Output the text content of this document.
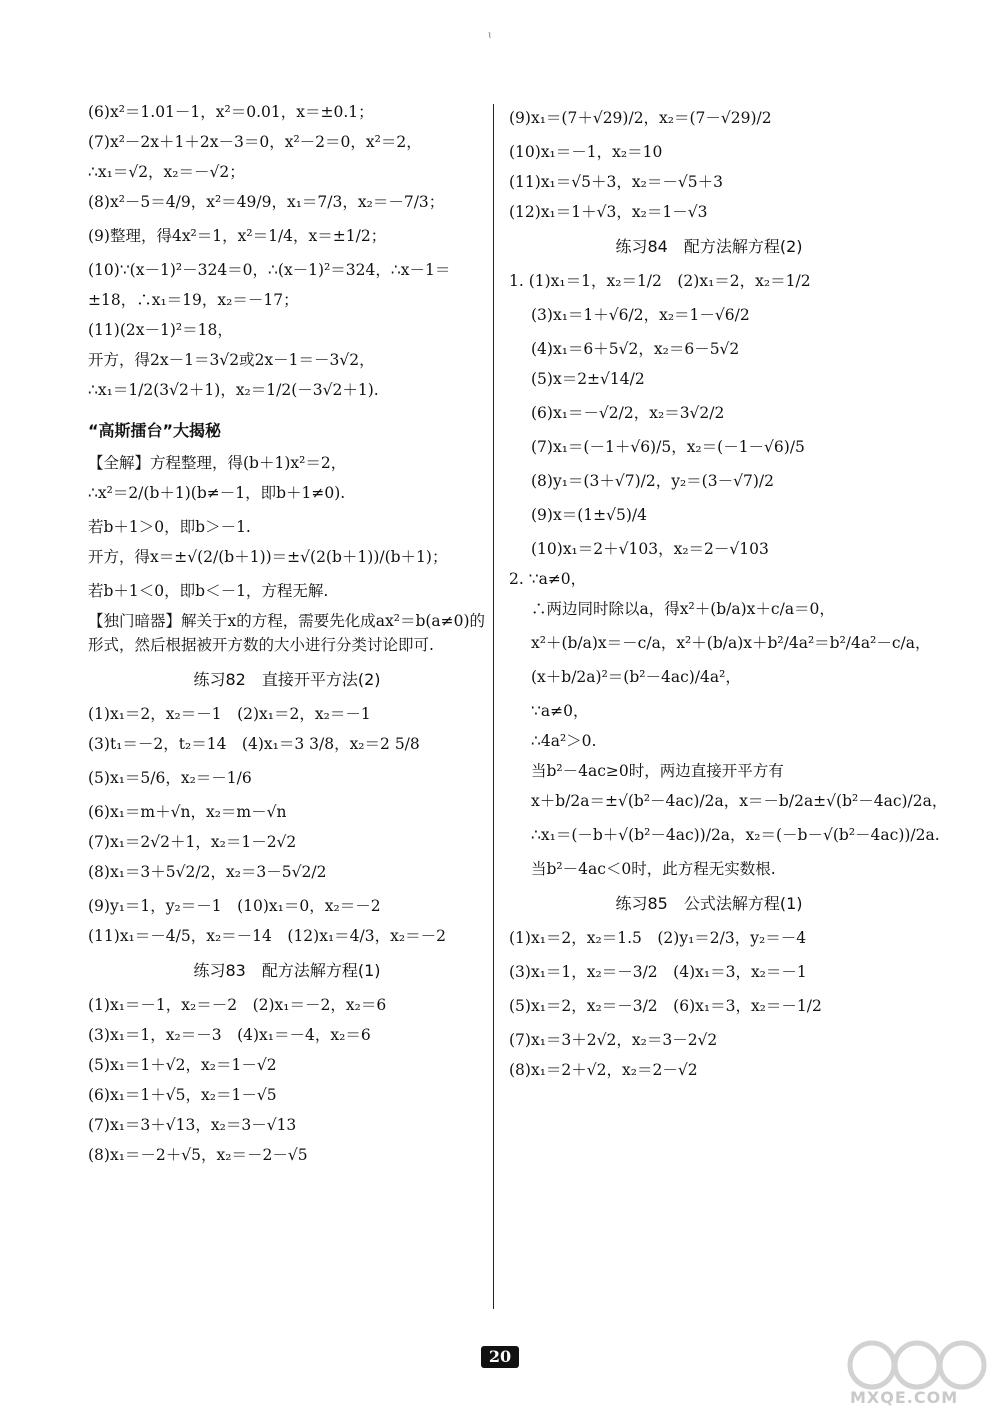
ɩ
(6)x²＝1.01－1，x²＝0.01，x＝±0.1；
(7)x²－2x＋1＋2x－3＝0，x²－2＝0，x²＝2，
∴x₁＝√2，x₂＝－√2；
(8)x²－5＝4/9，x²＝49/9，x₁＝7/3，x₂＝－7/3；
(9)整理，得4x²＝1，x²＝1/4，x＝±1/2；
(10)∵(x－1)²－324＝0，∴(x－1)²＝324，∴x－1＝
±18，∴x₁＝19，x₂＝－17；
(11)(2x－1)²＝18，
开方，得2x－1＝3√2或2x－1＝－3√2，
∴x₁＝1/2(3√2＋1)，x₂＝1/2(－3√2＋1).
“高斯擂台”大揭秘
【全解】方程整理，得(b＋1)x²＝2，
∴x²＝2/(b＋1)(b≠－1，即b＋1≠0).
若b＋1＞0，即b＞－1.
开方，得x＝±√(2/(b＋1))＝±√(2(b＋1))/(b＋1)；
若b＋1＜0，即b＜－1，方程无解.
【独门暗器】解关于x的方程，需要先化成ax²＝b(a≠0)的形式，然后根据被开方数的大小进行分类讨论即可.
练习82　直接开平方法(2)
(1)x₁＝2，x₂＝－1　(2)x₁＝2，x₂＝－1
(3)t₁＝－2，t₂＝14　(4)x₁＝3 3/8，x₂＝2 5/8
(5)x₁＝5/6，x₂＝－1/6
(6)x₁＝m＋√n，x₂＝m－√n
(7)x₁＝2√2＋1，x₂＝1－2√2
(8)x₁＝3＋5√2/2，x₂＝3－5√2/2
(9)y₁＝1，y₂＝－1　(10)x₁＝0，x₂＝－2
(11)x₁＝－4/5，x₂＝－14　(12)x₁＝4/3，x₂＝－2
练习83　配方法解方程(1)
(1)x₁＝－1，x₂＝－2　(2)x₁＝－2，x₂＝6
(3)x₁＝1，x₂＝－3　(4)x₁＝－4，x₂＝6
(5)x₁＝1＋√2，x₂＝1－√2
(6)x₁＝1＋√5，x₂＝1－√5
(7)x₁＝3＋√13，x₂＝3－√13
(8)x₁＝－2＋√5，x₂＝－2－√5
(9)x₁＝(7＋√29)/2，x₂＝(7－√29)/2
(10)x₁＝－1，x₂＝10
(11)x₁＝√5＋3，x₂＝－√5＋3
(12)x₁＝1＋√3，x₂＝1－√3
练习84　配方法解方程(2)
1. (1)x₁＝1，x₂＝1/2　(2)x₁＝2，x₂＝1/2
(3)x₁＝1＋√6/2，x₂＝1－√6/2
(4)x₁＝6＋5√2，x₂＝6－5√2
(5)x＝2±√14/2
(6)x₁＝－√2/2，x₂＝3√2/2
(7)x₁＝(－1＋√6)/5，x₂＝(－1－√6)/5
(8)y₁＝(3＋√7)/2，y₂＝(3－√7)/2
(9)x＝(1±√5)/4
(10)x₁＝2＋√103，x₂＝2－√103
2. ∵a≠0，
∴两边同时除以a，得x²＋(b/a)x＋c/a＝0，
x²＋(b/a)x＝－c/a，x²＋(b/a)x＋b²/4a²＝b²/4a²－c/a，
(x＋b/2a)²＝(b²－4ac)/4a²，
∵a≠0，
∴4a²＞0.
当b²－4ac≥0时，两边直接开平方有
x＋b/2a＝±√(b²－4ac)/2a，x＝－b/2a±√(b²－4ac)/2a，
∴x₁＝(－b＋√(b²－4ac))/2a，x₂＝(－b－√(b²－4ac))/2a.
当b²－4ac＜0时，此方程无实数根.
练习85　公式法解方程(1)
(1)x₁＝2，x₂＝1.5　(2)y₁＝2/3，y₂＝－4
(3)x₁＝1，x₂＝－3/2　(4)x₁＝3，x₂＝－1
(5)x₁＝2，x₂＝－3/2　(6)x₁＝3，x₂＝－1/2
(7)x₁＝3＋2√2，x₂＝3－2√2
(8)x₁＝2＋√2，x₂＝2－√2
20
MXQE.COM
